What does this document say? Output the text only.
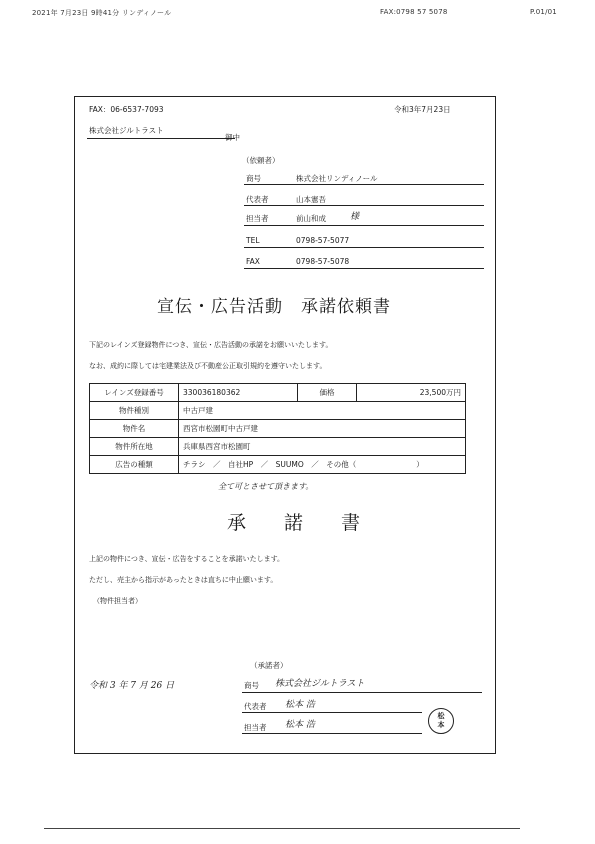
2021年 7月23日 9時41分 リンディノール	FAX:0798 57 5078	P.01/01
FAX：06-6537-7093	令和3年7月23日
株式会社ジルトラスト
御中
（依頼者）
商号	株式会社リンディノール
代表者	山本憲吾
担当者	前山和成	様
TEL	0798-57-5077
FAX	0798-57-5078
宣伝・広告活動　承諾依頼書
下記のレインズ登録物件につき、宣伝・広告活動の承諾をお願いいたします。
なお、成約に際しては宅建業法及び不動産公正取引規約を遵守いたします。
レインズ登録番号	330036180362	価格	23,500万円
物件種別	中古戸建		
物件名	西宮市松園町中古戸建		
物件所在地	兵庫県西宮市松園町		
広告の種類	チラシ　／　自社HP　／　SUUMO　／　その他（　　　　　　　　）		
全て可とさせて頂きます。
承　　諾　　書
上記の物件につき、宣伝・広告をすることを承諾いたします。
ただし、売主から指示があったときは直ちに中止願います。
（物件担当者）
（承諾者）
令和 3 年 7 月 26 日	商号 株式会社ジルトラスト
代表者 松本 浩
担当者 松本 浩
松
本
